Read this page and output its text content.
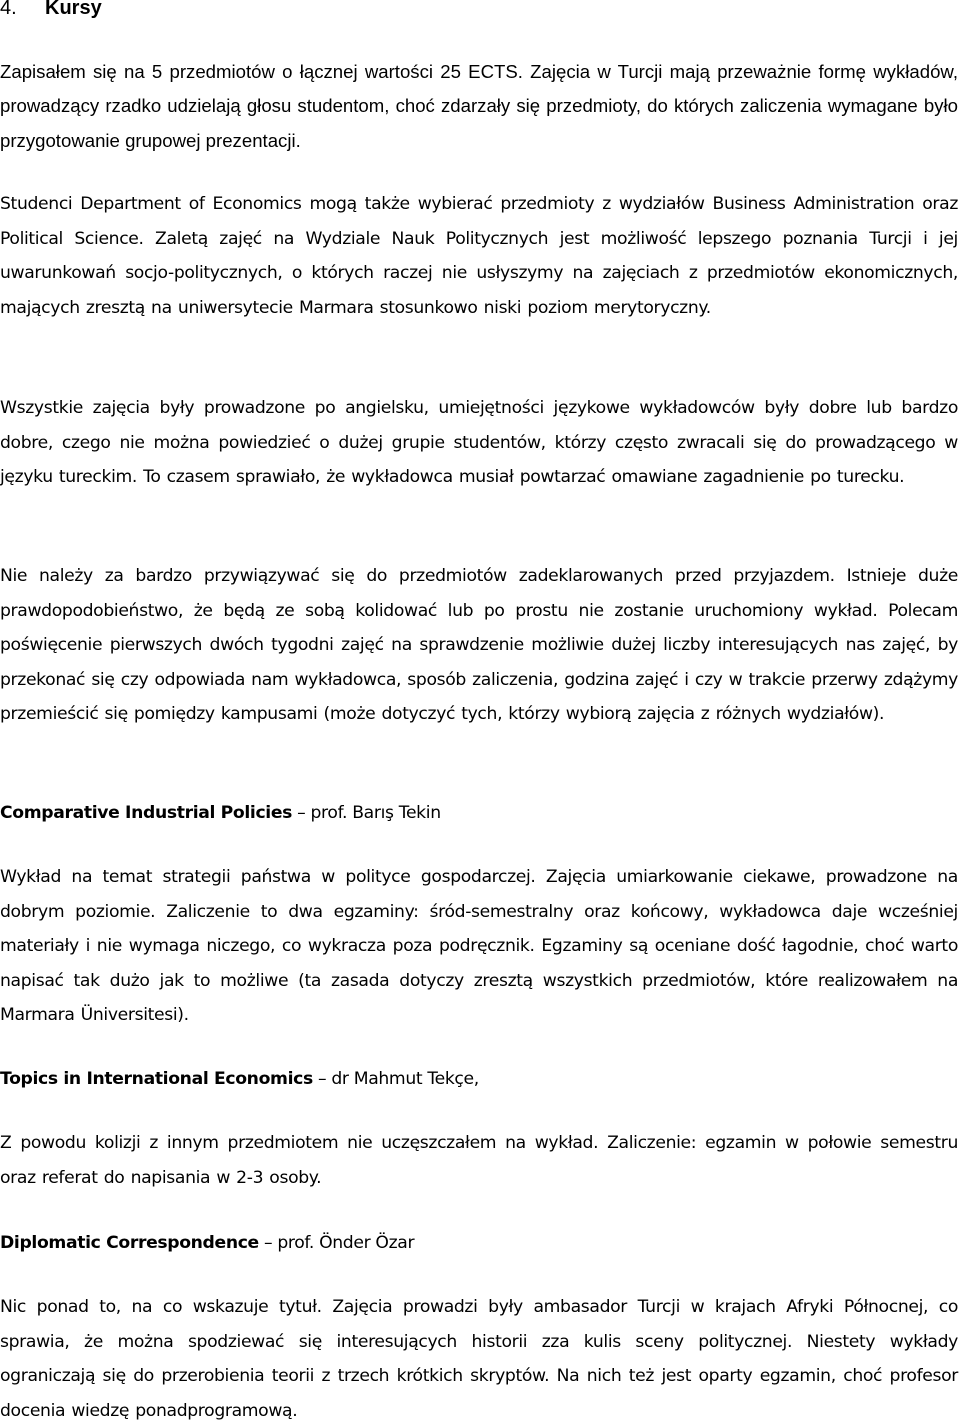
4. Kursy

Zapisałem się na 5 przedmiotów o łącznej wartości 25 ECTS. Zajęcia w Turcji mają przeważnie formę wykładów, prowadzący rzadko udzielają głosu studentom, choć zdarzały się przedmioty, do których zaliczenia wymagane było przygotowanie grupowej prezentacji.

Studenci Department of Economics mogą także wybierać przedmioty z wydziałów Business Administration oraz Political Science. Zaletą zajęć na Wydziale Nauk Politycznych jest możliwość lepszego poznania Turcji i jej uwarunkowań socjo-politycznych, o których raczej nie usłyszymy na zajęciach z przedmiotów ekonomicznych, mających zresztą na uniwersytecie Marmara stosunkowo niski poziom merytoryczny.

Wszystkie zajęcia były prowadzone po angielsku, umiejętności językowe wykładowców były dobre lub bardzo dobre, czego nie można powiedzieć o dużej grupie studentów, którzy często zwracali się do prowadzącego w języku tureckim. To czasem sprawiało, że wykładowca musiał powtarzać omawiane zagadnienie po turecku.

Nie należy za bardzo przywiązywać się do przedmiotów zadeklarowanych przed przyjazdem. Istnieje duże prawdopodobieństwo, że będą ze sobą kolidować lub po prostu nie zostanie uruchomiony wykład. Polecam poświęcenie pierwszych dwóch tygodni zajęć na sprawdzenie możliwie dużej liczby interesujących nas zajęć, by przekonać się czy odpowiada nam wykładowca, sposób zaliczenia, godzina zajęć i czy w trakcie przerwy zdążymy przemieścić się pomiędzy kampusami (może dotyczyć tych, którzy wybiorą zajęcia z różnych wydziałów).

Comparative Industrial Policies – prof. Barış Tekin

Wykład na temat strategii państwa w polityce gospodarczej. Zajęcia umiarkowanie ciekawe, prowadzone na dobrym poziomie. Zaliczenie to dwa egzaminy: śród-semestralny oraz końcowy, wykładowca daje wcześniej materiały i nie wymaga niczego, co wykracza poza podręcznik. Egzaminy są oceniane dość łagodnie, choć warto napisać tak dużo jak to możliwe (ta zasada dotyczy zresztą wszystkich przedmiotów, które realizowałem na Marmara Üniversitesi).

Topics in International Economics – dr Mahmut Tekçe,

Z powodu kolizji z innym przedmiotem nie uczęszczałem na wykład. Zaliczenie: egzamin w połowie semestru oraz referat do napisania w 2-3 osoby.

Diplomatic Correspondence – prof. Önder Özar

Nic ponad to, na co wskazuje tytuł. Zajęcia prowadzi były ambasador Turcji w krajach Afryki Północnej, co sprawia, że można spodziewać się interesujących historii zza kulis sceny politycznej. Niestety wykłady ograniczają się do przerobienia teorii z trzech krótkich skryptów. Na nich też jest oparty egzamin, choć profesor docenia wiedzę ponadprogramową.
